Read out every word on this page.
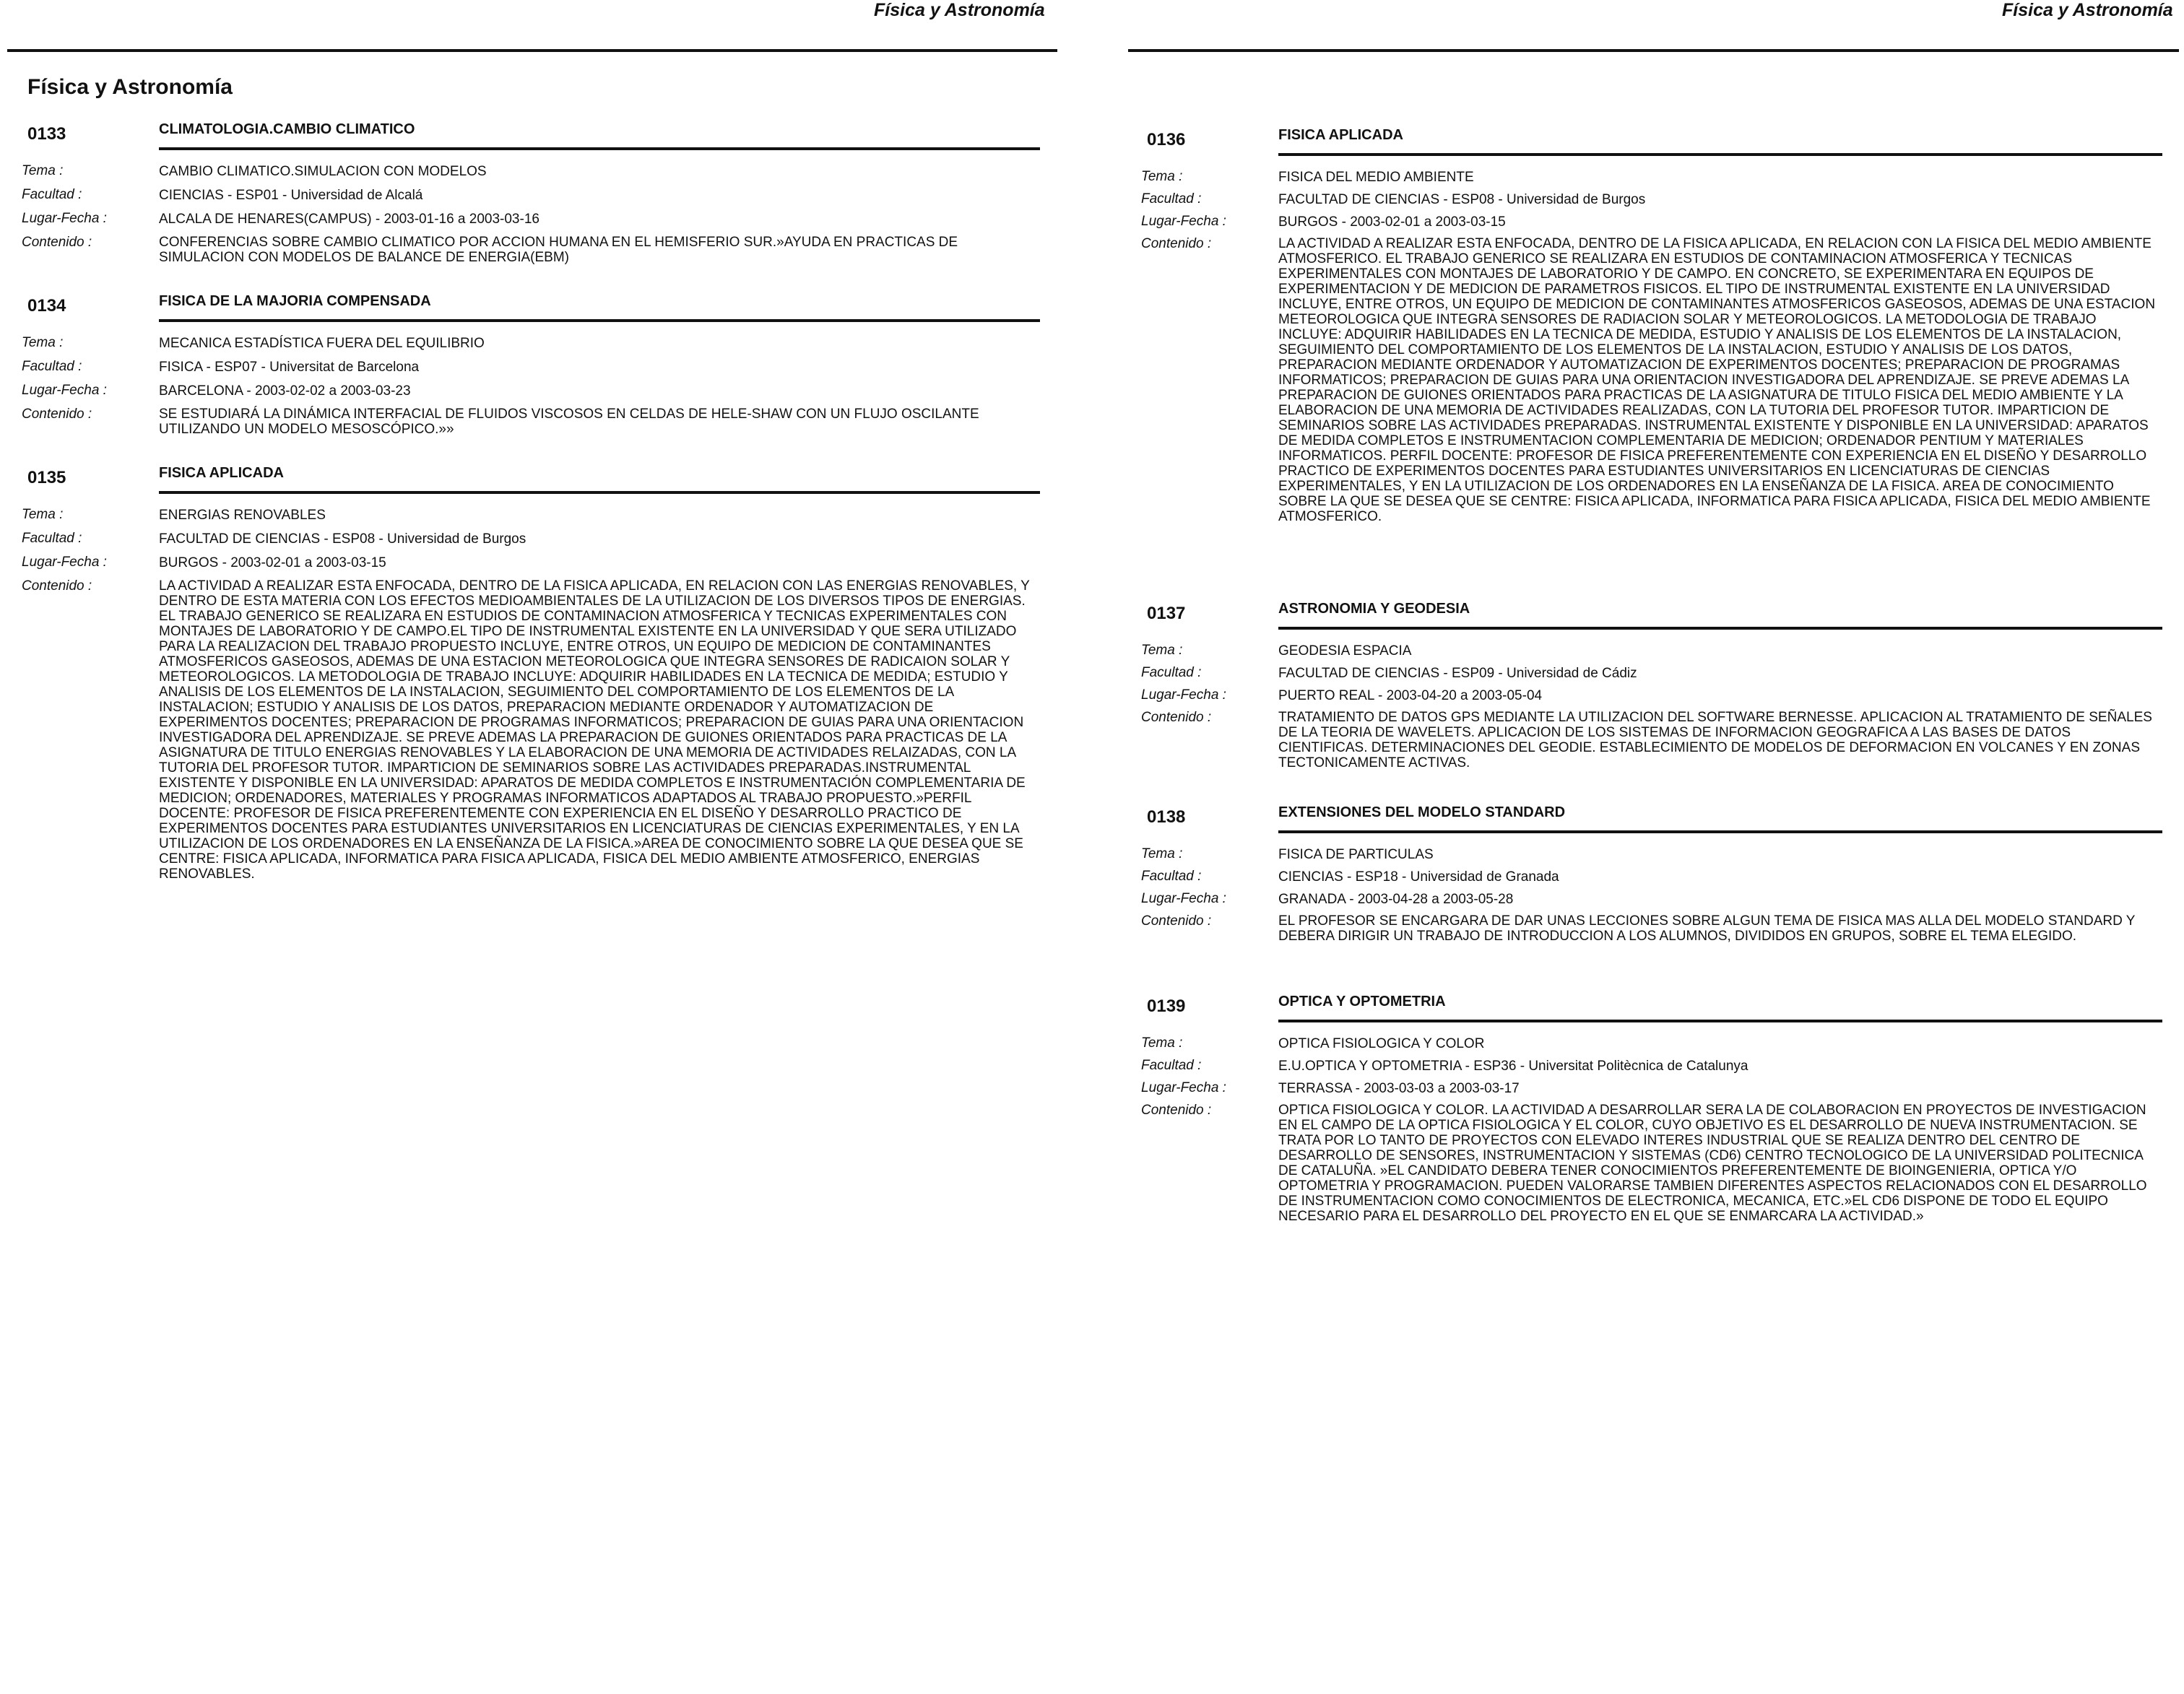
Física y Astronomía
Física y Astronomía
0133	CLIMATOLOGIA.CAMBIO CLIMATICO
Tema :	CAMBIO CLIMATICO.SIMULACION CON MODELOS
Facultad :	CIENCIAS - ESP01 - Universidad de Alcalá
Lugar-Fecha :	ALCALA DE HENARES(CAMPUS) - 2003-01-16 a 2003-03-16
Contenido :	CONFERENCIAS SOBRE CAMBIO CLIMATICO POR ACCION HUMANA EN EL HEMISFERIO SUR.»AYUDA EN PRACTICAS DE SIMULACION CON MODELOS DE BALANCE DE ENERGIA(EBM)
0134	FISICA DE LA MAJORIA COMPENSADA
Tema :	MECANICA ESTADÍSTICA FUERA DEL EQUILIBRIO
Facultad :	FISICA - ESP07 - Universitat de Barcelona
Lugar-Fecha :	BARCELONA - 2003-02-02 a 2003-03-23
Contenido :	SE ESTUDIARÁ LA DINÁMICA INTERFACIAL DE FLUIDOS VISCOSOS EN CELDAS DE HELE-SHAW CON UN FLUJO OSCILANTE UTILIZANDO UN MODELO MESOSCÓPICO.»»
0135	FISICA APLICADA
Tema :	ENERGIAS RENOVABLES
Facultad :	FACULTAD DE CIENCIAS - ESP08 - Universidad de Burgos
Lugar-Fecha :	BURGOS - 2003-02-01 a 2003-03-15
Contenido :	LA ACTIVIDAD A REALIZAR ESTA ENFOCADA, DENTRO DE LA FISICA APLICADA, EN RELACION CON LAS ENERGIAS RENOVABLES, Y DENTRO DE ESTA MATERIA CON LOS EFECTOS MEDIOAMBIENTALES DE LA UTILIZACION DE LOS DIVERSOS TIPOS DE ENERGIAS. EL TRABAJO GENERICO SE REALIZARA EN ESTUDIOS DE CONTAMINACION ATMOSFERICA Y TECNICAS EXPERIMENTALES CON MONTAJES DE LABORATORIO Y DE CAMPO.EL TIPO DE INSTRUMENTAL EXISTENTE EN LA UNIVERSIDAD Y QUE SERA UTILIZADO PARA LA REALIZACION DEL TRABAJO PROPUESTO INCLUYE, ENTRE OTROS, UN EQUIPO DE MEDICION DE CONTAMINANTES ATMOSFERICOS GASEOSOS, ADEMAS DE UNA ESTACION METEOROLOGICA QUE INTEGRA SENSORES DE RADICAION SOLAR Y METEOROLOGICOS. LA METODOLOGIA DE TRABAJO INCLUYE: ADQUIRIR HABILIDADES EN LA TECNICA DE MEDIDA; ESTUDIO Y ANALISIS DE LOS ELEMENTOS DE LA INSTALACION, SEGUIMIENTO DEL COMPORTAMIENTO DE LOS ELEMENTOS DE LA INSTALACION; ESTUDIO Y ANALISIS DE LOS DATOS, PREPARACION MEDIANTE ORDENADOR Y AUTOMATIZACION DE EXPERIMENTOS DOCENTES; PREPARACION DE PROGRAMAS INFORMATICOS; PREPARACION DE GUIAS PARA UNA ORIENTACION INVESTIGADORA DEL APRENDIZAJE. SE PREVE ADEMAS LA PREPARACION DE GUIONES ORIENTADOS PARA PRACTICAS DE LA ASIGNATURA DE TITULO ENERGIAS RENOVABLES Y LA ELABORACION DE UNA MEMORIA DE ACTIVIDADES RELAIZADAS, CON LA TUTORIA DEL PROFESOR TUTOR. IMPARTICION DE SEMINARIOS SOBRE LAS ACTIVIDADES PREPARADAS.INSTRUMENTAL EXISTENTE Y DISPONIBLE EN LA UNIVERSIDAD: APARATOS DE MEDIDA COMPLETOS E INSTRUMENTACIÓN COMPLEMENTARIA DE MEDICION; ORDENADORES, MATERIALES Y PROGRAMAS INFORMATICOS ADAPTADOS AL TRABAJO PROPUESTO.»PERFIL DOCENTE: PROFESOR DE FISICA PREFERENTEMENTE CON EXPERIENCIA EN EL DISEÑO Y DESARROLLO PRACTICO DE EXPERIMENTOS DOCENTES PARA ESTUDIANTES UNIVERSITARIOS EN LICENCIATURAS DE CIENCIAS EXPERIMENTALES, Y EN LA UTILIZACION DE LOS ORDENADORES EN LA ENSEÑANZA DE LA FISICA.»AREA DE CONOCIMIENTO SOBRE LA QUE DESEA QUE SE CENTRE: FISICA APLICADA, INFORMATICA PARA FISICA APLICADA, FISICA DEL MEDIO AMBIENTE ATMOSFERICO, ENERGIAS RENOVABLES.
Física y Astronomía
0136	FISICA APLICADA
Tema :	FISICA DEL MEDIO AMBIENTE
Facultad :	FACULTAD DE CIENCIAS - ESP08 - Universidad de Burgos
Lugar-Fecha :	BURGOS - 2003-02-01 a 2003-03-15
Contenido :	LA ACTIVIDAD A REALIZAR ESTA ENFOCADA, DENTRO DE LA FISICA APLICADA, EN RELACION CON LA FISICA DEL MEDIO AMBIENTE ATMOSFERICO. EL TRABAJO GENERICO SE REALIZARA EN ESTUDIOS DE CONTAMINACION ATMOSFERICA Y TECNICAS EXPERIMENTALES CON MONTAJES DE LABORATORIO Y DE CAMPO. EN CONCRETO, SE EXPERIMENTARA EN EQUIPOS DE EXPERIMENTACION Y DE MEDICION DE PARAMETROS FISICOS. EL TIPO DE INSTRUMENTAL EXISTENTE EN LA UNIVERSIDAD INCLUYE, ENTRE OTROS, UN EQUIPO DE MEDICION DE CONTAMINANTES ATMOSFERICOS GASEOSOS, ADEMAS DE UNA ESTACION METEOROLOGICA QUE INTEGRA SENSORES DE RADIACION SOLAR Y METEOROLOGICOS. LA METODOLOGIA DE TRABAJO INCLUYE: ADQUIRIR HABILIDADES EN LA TECNICA DE MEDIDA, ESTUDIO Y ANALISIS DE LOS ELEMENTOS DE LA INSTALACION, SEGUIMIENTO DEL COMPORTAMIENTO DE LOS ELEMENTOS DE LA INSTALACION, ESTUDIO Y ANALISIS DE LOS DATOS, PREPARACION MEDIANTE ORDENADOR Y AUTOMATIZACION DE EXPERIMENTOS DOCENTES; PREPARACION DE PROGRAMAS INFORMATICOS; PREPARACION DE GUIAS PARA UNA ORIENTACION INVESTIGADORA DEL APRENDIZAJE. SE PREVE ADEMAS LA PREPARACION DE GUIONES ORIENTADOS PARA PRACTICAS DE LA ASIGNATURA DE TITULO FISICA DEL MEDIO AMBIENTE Y LA ELABORACION DE UNA MEMORIA DE ACTIVIDADES REALIZADAS, CON LA TUTORIA DEL PROFESOR TUTOR. IMPARTICION DE SEMINARIOS SOBRE LAS ACTIVIDADES PREPARADAS. INSTRUMENTAL EXISTENTE Y DISPONIBLE EN LA UNIVERSIDAD: APARATOS DE MEDIDA COMPLETOS E INSTRUMENTACION COMPLEMENTARIA DE MEDICION; ORDENADOR PENTIUM Y MATERIALES INFORMATICOS. PERFIL DOCENTE: PROFESOR DE FISICA PREFERENTEMENTE CON EXPERIENCIA EN EL DISEÑO Y DESARROLLO PRACTICO DE EXPERIMENTOS DOCENTES PARA ESTUDIANTES UNIVERSITARIOS EN LICENCIATURAS DE CIENCIAS EXPERIMENTALES, Y EN LA UTILIZACION DE LOS ORDENADORES EN LA ENSEÑANZA DE LA FISICA. AREA DE CONOCIMIENTO SOBRE LA QUE SE DESEA QUE SE CENTRE: FISICA APLICADA, INFORMATICA PARA FISICA APLICADA, FISICA DEL MEDIO AMBIENTE ATMOSFERICO.
0137	ASTRONOMIA Y GEODESIA
Tema :	GEODESIA ESPACIA
Facultad :	FACULTAD DE CIENCIAS - ESP09 - Universidad de Cádiz
Lugar-Fecha :	PUERTO REAL - 2003-04-20 a 2003-05-04
Contenido :	TRATAMIENTO DE DATOS GPS MEDIANTE LA UTILIZACION DEL SOFTWARE BERNESSE. APLICACION AL TRATAMIENTO DE SEÑALES DE LA TEORIA DE WAVELETS. APLICACION DE LOS SISTEMAS DE INFORMACION GEOGRAFICA A LAS BASES DE DATOS CIENTIFICAS. DETERMINACIONES DEL GEODIE. ESTABLECIMIENTO DE MODELOS DE DEFORMACION EN VOLCANES Y EN ZONAS TECTONICAMENTE ACTIVAS.
0138	EXTENSIONES DEL MODELO STANDARD
Tema :	FISICA DE PARTICULAS
Facultad :	CIENCIAS - ESP18 - Universidad de Granada
Lugar-Fecha :	GRANADA - 2003-04-28 a 2003-05-28
Contenido :	EL PROFESOR SE ENCARGARA DE DAR UNAS LECCIONES SOBRE ALGUN TEMA DE FISICA MAS ALLA DEL MODELO STANDARD Y DEBERA DIRIGIR UN TRABAJO DE INTRODUCCION A LOS ALUMNOS, DIVIDIDOS EN GRUPOS, SOBRE EL TEMA ELEGIDO.
0139	OPTICA Y OPTOMETRIA
Tema :	OPTICA FISIOLOGICA Y COLOR
Facultad :	E.U.OPTICA Y OPTOMETRIA - ESP36 - Universitat Politècnica de Catalunya
Lugar-Fecha :	TERRASSA - 2003-03-03 a 2003-03-17
Contenido :	OPTICA FISIOLOGICA Y COLOR. LA ACTIVIDAD A DESARROLLAR SERA LA DE COLABORACION EN PROYECTOS DE INVESTIGACION EN EL CAMPO DE LA OPTICA FISIOLOGICA Y EL COLOR, CUYO OBJETIVO ES EL DESARROLLO DE NUEVA INSTRUMENTACION. SE TRATA POR LO TANTO DE PROYECTOS CON ELEVADO INTERES INDUSTRIAL QUE SE REALIZA DENTRO DEL CENTRO DE DESARROLLO DE SENSORES, INSTRUMENTACION Y SISTEMAS (CD6) CENTRO TECNOLOGICO DE LA UNIVERSIDAD POLITECNICA DE CATALUÑA. »EL CANDIDATO DEBERA TENER CONOCIMIENTOS PREFERENTEMENTE DE BIOINGENIERIA, OPTICA Y/O OPTOMETRIA Y PROGRAMACION. PUEDEN VALORARSE TAMBIEN DIFERENTES ASPECTOS RELACIONADOS CON EL DESARROLLO DE INSTRUMENTACION COMO CONOCIMIENTOS DE ELECTRONICA, MECANICA, ETC.»EL CD6 DISPONE DE TODO EL EQUIPO NECESARIO PARA EL DESARROLLO DEL PROYECTO EN EL QUE SE ENMARCARA LA ACTIVIDAD.»
